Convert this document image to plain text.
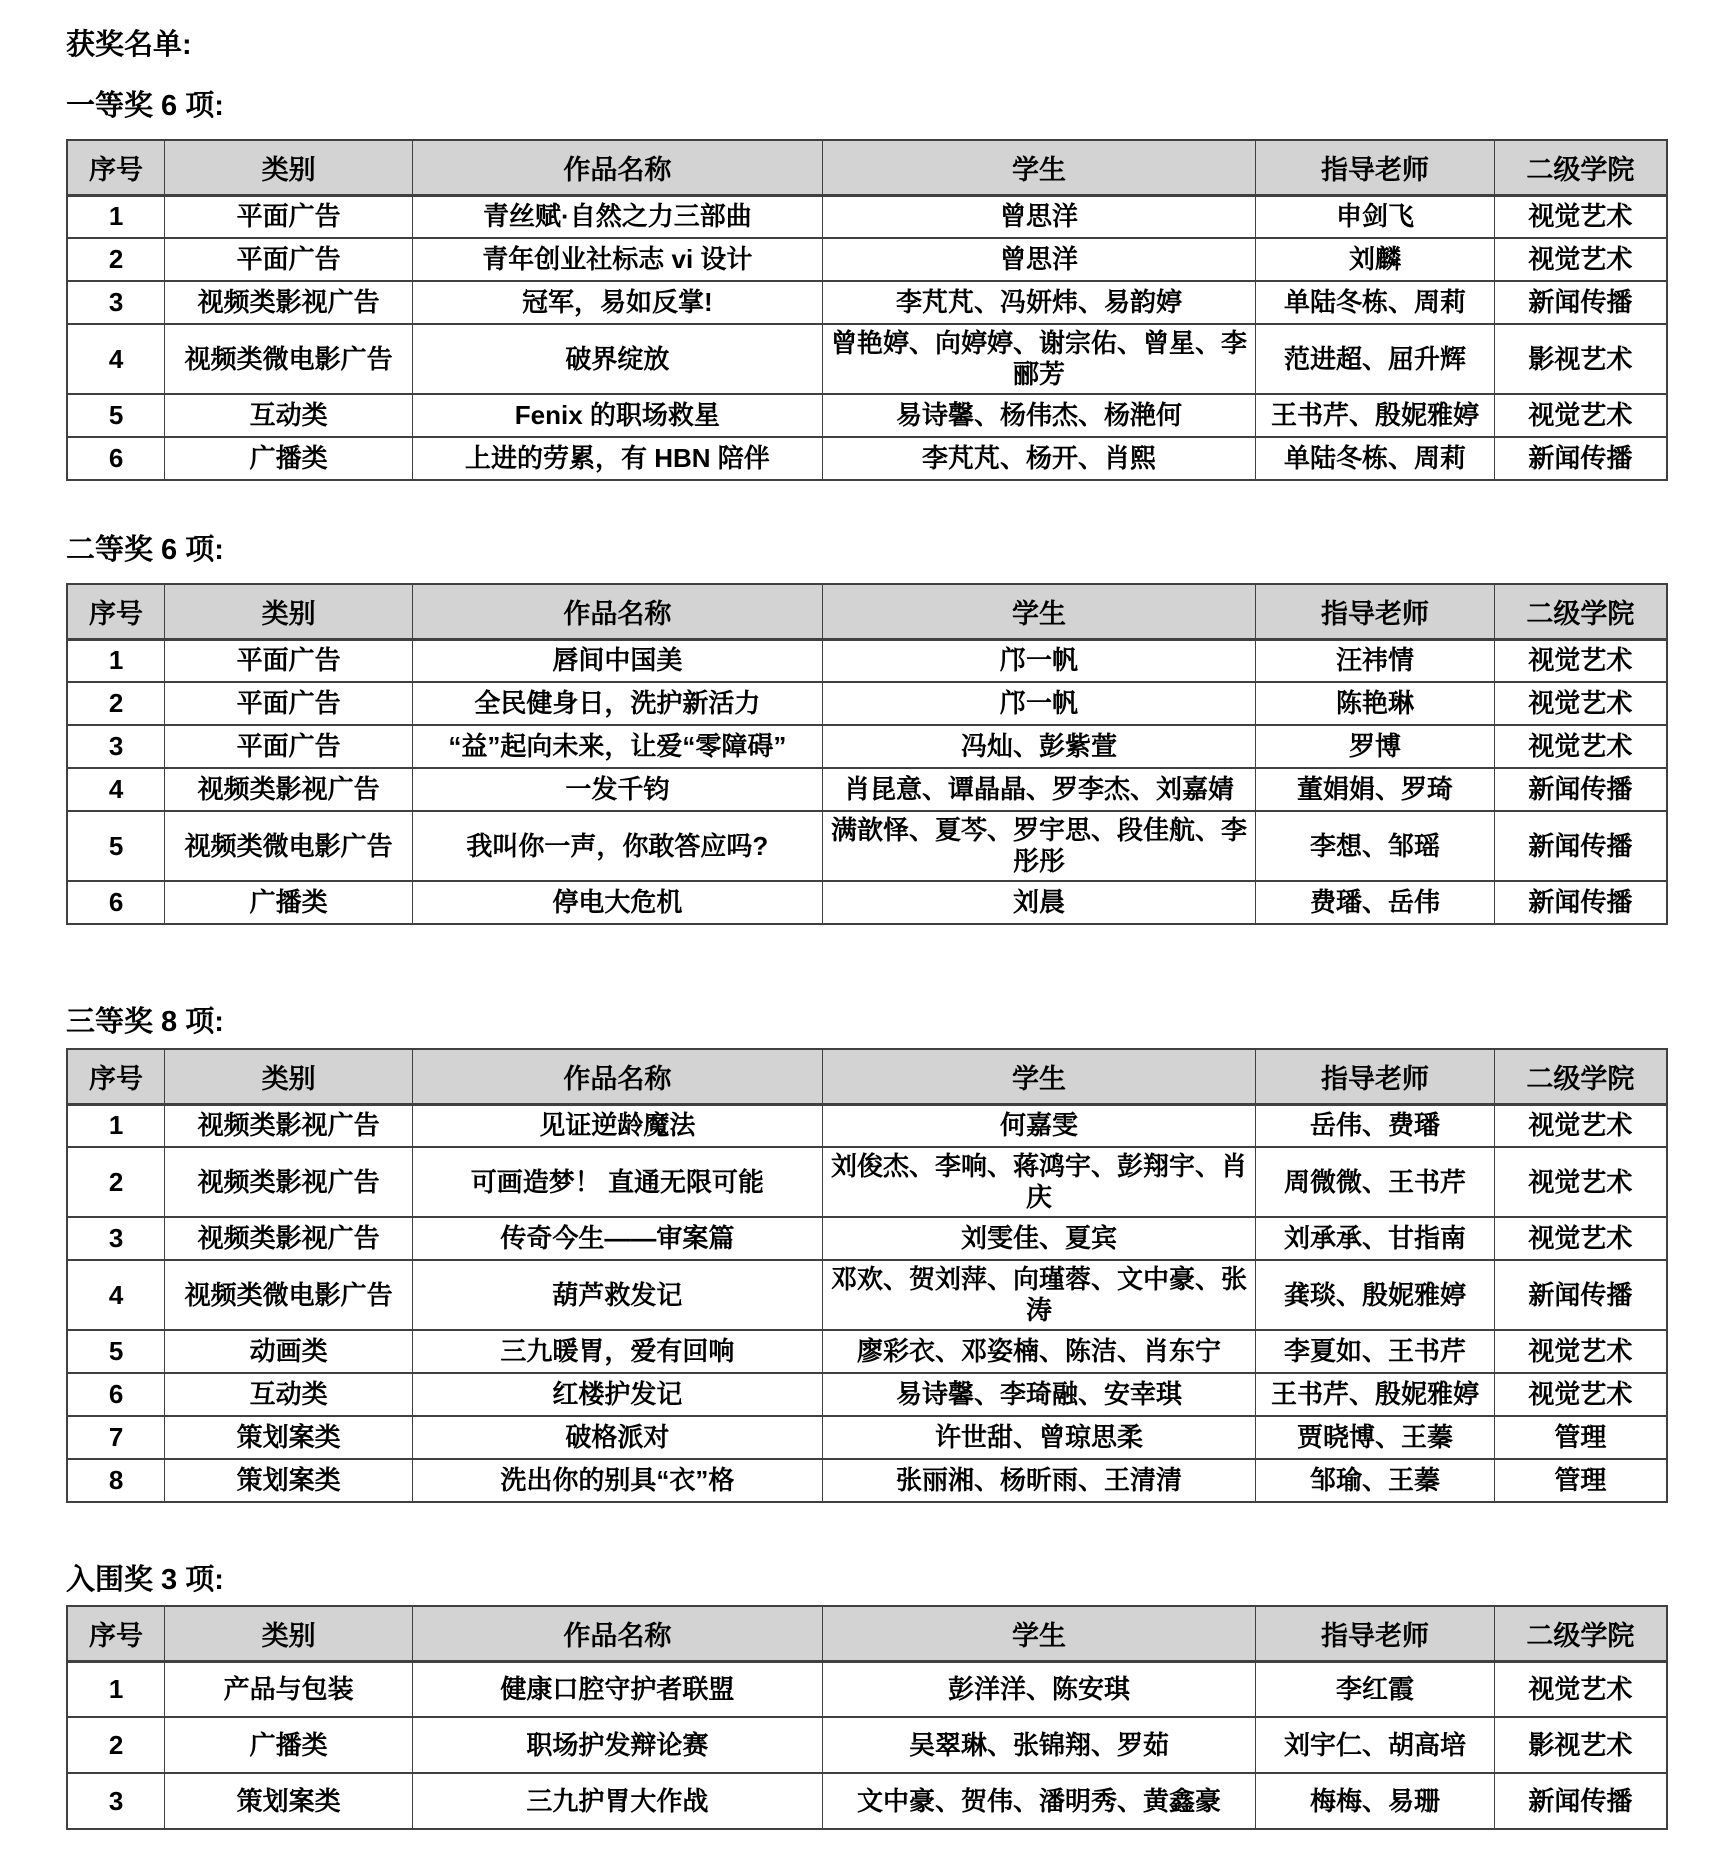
获奖名单:
一等奖 6 项:
序号	类别	作品名称	学生	指导老师	二级学院
1	平面广告	青丝赋·自然之力三部曲	曾思洋	申剑飞	视觉艺术
2	平面广告	青年创业社标志 vi 设计	曾思洋	刘麟	视觉艺术
3	视频类影视广告	冠军，易如反掌!	李芃芃、冯妍炜、易韵婷	单陆冬栋、周莉	新闻传播
4	视频类微电影广告	破界绽放	曾艳婷、向婷婷、谢宗佑、曾星、李郦芳	范进超、屈升辉	影视艺术
5	互动类	Fenix 的职场救星	易诗馨、杨伟杰、杨滟何	王书芹、殷妮雅婷	视觉艺术
6	广播类	上进的劳累，有 HBN 陪伴	李芃芃、杨开、肖熙	单陆冬栋、周莉	新闻传播
二等奖 6 项:
序号	类别	作品名称	学生	指导老师	二级学院
1	平面广告	唇间中国美	邝一帆	汪祎情	视觉艺术
2	平面广告	全民健身日，洗护新活力	邝一帆	陈艳琳	视觉艺术
3	平面广告	“益”起向未来，让爱“零障碍”	冯灿、彭紫萱	罗博	视觉艺术
4	视频类影视广告	一发千钧	肖昆意、谭晶晶、罗李杰、刘嘉婧	董娟娟、罗琦	新闻传播
5	视频类微电影广告	我叫你一声，你敢答应吗?	满歆怿、夏芩、罗宇思、段佳航、李彤彤	李想、邹瑶	新闻传播
6	广播类	停电大危机	刘晨	费璠、岳伟	新闻传播
三等奖 8 项:
序号	类别	作品名称	学生	指导老师	二级学院
1	视频类影视广告	见证逆龄魔法	何嘉雯	岳伟、费璠	视觉艺术
2	视频类影视广告	可画造梦！ 直通无限可能	刘俊杰、李响、蒋鸿宇、彭翔宇、肖庆	周微微、王书芹	视觉艺术
3	视频类影视广告	传奇今生——审案篇	刘雯佳、夏宾	刘承承、甘指南	视觉艺术
4	视频类微电影广告	葫芦救发记	邓欢、贺刘萍、向瑾蓉、文中豪、张涛	龚琰、殷妮雅婷	新闻传播
5	动画类	三九暖胃，爱有回响	廖彩衣、邓姿楠、陈洁、肖东宁	李夏如、王书芹	视觉艺术
6	互动类	红楼护发记	易诗馨、李琦融、安幸琪	王书芹、殷妮雅婷	视觉艺术
7	策划案类	破格派对	许世甜、曾琼思柔	贾晓博、王蓁	管理
8	策划案类	洗出你的别具“衣”格	张丽湘、杨昕雨、王清清	邹瑜、王蓁	管理
入围奖 3 项:
序号	类别	作品名称	学生	指导老师	二级学院
1	产品与包装	健康口腔守护者联盟	彭洋洋、陈安琪	李红霞	视觉艺术
2	广播类	职场护发辩论赛	吴翠琳、张锦翔、罗茹	刘宇仁、胡高培	影视艺术
3	策划案类	三九护胃大作战	文中豪、贺伟、潘明秀、黄鑫豪	梅梅、易珊	新闻传播
